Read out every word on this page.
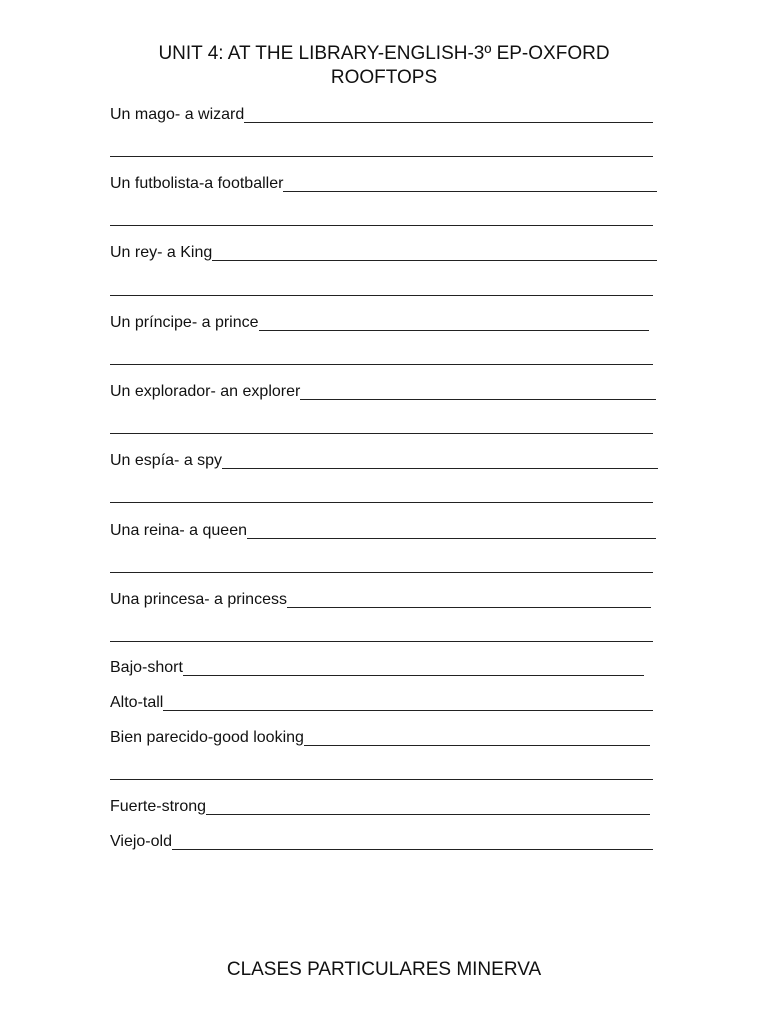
UNIT 4: AT THE LIBRARY-ENGLISH-3º EP-OXFORD
ROOFTOPS
Un mago- a wizard
Un futbolista-a footballer
Un rey- a King
Un príncipe- a prince
Un explorador- an explorer
Un espía- a spy
Una reina- a queen
Una princesa- a princess
Bajo-short
Alto-tall
Bien parecido-good looking
Fuerte-strong
Viejo-old
CLASES PARTICULARES MINERVA
